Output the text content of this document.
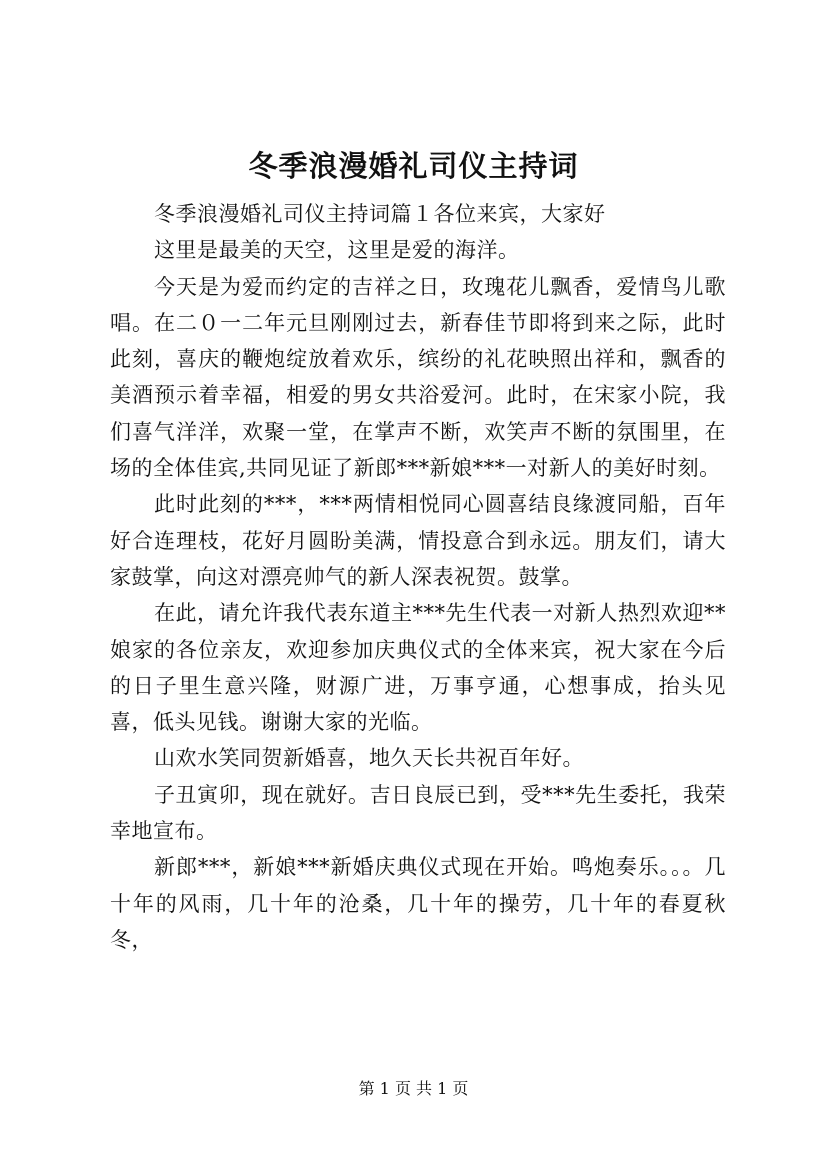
冬季浪漫婚礼司仪主持词

冬季浪漫婚礼司仪主持词篇１各位来宾，大家好

这里是最美的天空，这里是爱的海洋。

今天是为爱而约定的吉祥之日，玫瑰花儿飘香，爱情鸟儿歌唱。在二０一二年元旦刚刚过去，新春佳节即将到来之际，此时此刻，喜庆的鞭炮绽放着欢乐，缤纷的礼花映照出祥和，飘香的美酒预示着幸福，相爱的男女共浴爱河。此时，在宋家小院，我们喜气洋洋，欢聚一堂，在掌声不断，欢笑声不断的氛围里，在场的全体佳宾,共同见证了新郎***新娘***一对新人的美好时刻。

此时此刻的***，***两情相悦同心圆喜结良缘渡同船，百年好合连理枝，花好月圆盼美满，情投意合到永远。朋友们，请大家鼓掌，向这对漂亮帅气的新人深表祝贺。鼓掌。

在此，请允许我代表东道主***先生代表一对新人热烈欢迎**娘家的各位亲友，欢迎参加庆典仪式的全体来宾，祝大家在今后的日子里生意兴隆，财源广进，万事亨通，心想事成，抬头见喜，低头见钱。谢谢大家的光临。

山欢水笑同贺新婚喜，地久天长共祝百年好。

子丑寅卯，现在就好。吉日良辰已到，受***先生委托，我荣幸地宣布。

新郎***，新娘***新婚庆典仪式现在开始。鸣炮奏乐。。。几十年的风雨，几十年的沧桑，几十年的操劳，几十年的春夏秋冬，

第 1 页 共 1 页
